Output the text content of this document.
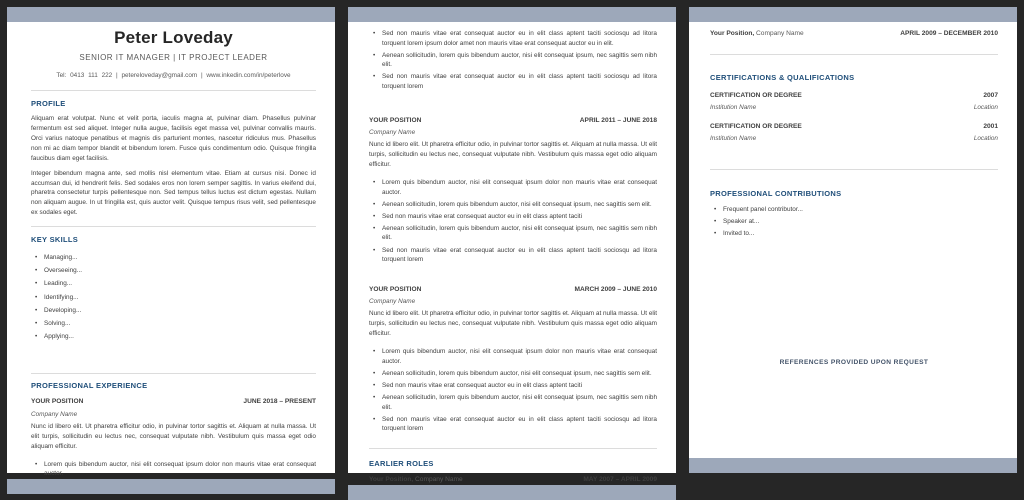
Peter Loveday
SENIOR IT MANAGER | IT PROJECT LEADER
Tel: 0413 111 222 | petereloveday@gmail.com | www.inkedin.com/in/peterlove
PROFILE
Aliquam erat volutpat. Nunc et velit porta, iaculis magna at, pulvinar diam. Phasellus pulvinar fermentum est sed aliquet. Integer nulla augue, facilisis eget massa vel, pulvinar convallis mauris. Orci varius natoque penatibus et magnis dis parturient montes, nascetur ridiculus mus. Phasellus non mi ac diam tempor blandit et bibendum lorem. Fusce quis condimentum odio. Quisque fringilla faucibus diam eget facilisis.
Integer bibendum magna ante, sed mollis nisl elementum vitae. Etiam at cursus nisi. Donec id accumsan dui, id hendrerit felis. Sed sodales eros non lorem semper sagittis. In varius eleifend dui, pharetra consectetur turpis pellentesque non. Sed tempus tellus luctus est dictum egestas. Nullam non aliquam augue. In ut fringilla est, quis auctor velit. Quisque tempus risus velit, sed pellentesque ex sodales eget.
KEY SKILLS
• Managing...
• Overseeing...
• Leading...
• Identifying...
• Developing...
• Solving...
• Applying...
PROFESSIONAL EXPERIENCE
YOUR POSITION	JUNE 2018 – PRESENT
Company Name
Nunc id libero elit. Ut pharetra efficitur odio, in pulvinar tortor sagittis et. Aliquam at nulla massa. Ut elit turpis, sollicitudin eu lectus nec, consequat vulputate nibh. Vestibulum quis massa eget odio aliquam efficitur.
• Lorem quis bibendum auctor, nisi elit consequat ipsum dolor non mauris vitae erat consequat auctor.
• Sed non mauris vitae erat consequat auctor eu in elit class aptent taciti sociosqu ad litora torquent lorem ipsum dolor amet non mauris vitae erat consequat auctor eu in elit.
• Aenean sollicitudin, lorem quis bibendum auctor, nisi elit consequat ipsum, nec sagittis sem nibh elit.
• Sed non mauris vitae erat consequat auctor eu in elit class aptent taciti sociosqu ad litora torquent lorem
YOUR POSITION	APRIL 2011 – JUNE 2018
Company Name
Nunc id libero elit. Ut pharetra efficitur odio, in pulvinar tortor sagittis et. Aliquam at nulla massa. Ut elit turpis, sollicitudin eu lectus nec, consequat vulputate nibh. Vestibulum quis massa eget odio aliquam efficitur.
• Lorem quis bibendum auctor, nisi elit consequat ipsum dolor non mauris vitae erat consequat auctor.
• Aenean sollicitudin, lorem quis bibendum auctor, nisi elit consequat ipsum, nec sagittis sem elit.
• Sed non mauris vitae erat consequat auctor eu in elit class aptent taciti
• Aenean sollicitudin, lorem quis bibendum auctor, nisi elit consequat ipsum, nec sagittis sem nibh elit.
• Sed non mauris vitae erat consequat auctor eu in elit class aptent taciti sociosqu ad litora torquent lorem
YOUR POSITION	MARCH 2009 – JUNE 2010
Company Name
Nunc id libero elit. Ut pharetra efficitur odio, in pulvinar tortor sagittis et. Aliquam at nulla massa. Ut elit turpis, sollicitudin eu lectus nec, consequat vulputate nibh. Vestibulum quis massa eget odio aliquam efficitur.
• Lorem quis bibendum auctor, nisi elit consequat ipsum dolor non mauris vitae erat consequat auctor.
• Aenean sollicitudin, lorem quis bibendum auctor, nisi elit consequat ipsum, nec sagittis sem elit.
• Sed non mauris vitae erat consequat auctor eu in elit class aptent taciti
• Aenean sollicitudin, lorem quis bibendum auctor, nisi elit consequat ipsum, nec sagittis sem nibh elit.
• Sed non mauris vitae erat consequat auctor eu in elit class aptent taciti sociosqu ad litora torquent lorem
EARLIER ROLES
Your Position, Company Name	MAY 2007 – APRIL 2009
Your Position, Company Name	APRIL 2009 – DECEMBER 2010
CERTIFICATIONS & QUALIFICATIONS
CERTIFICATION OR DEGREE	2007
Institution Name	Location
CERTIFICATION OR DEGREE	2001
Institution Name	Location
PROFESSIONAL CONTRIBUTIONS
• Frequent panel contributor...
• Speaker at...
• Invited to...
REFERENCES PROVIDED UPON REQUEST
